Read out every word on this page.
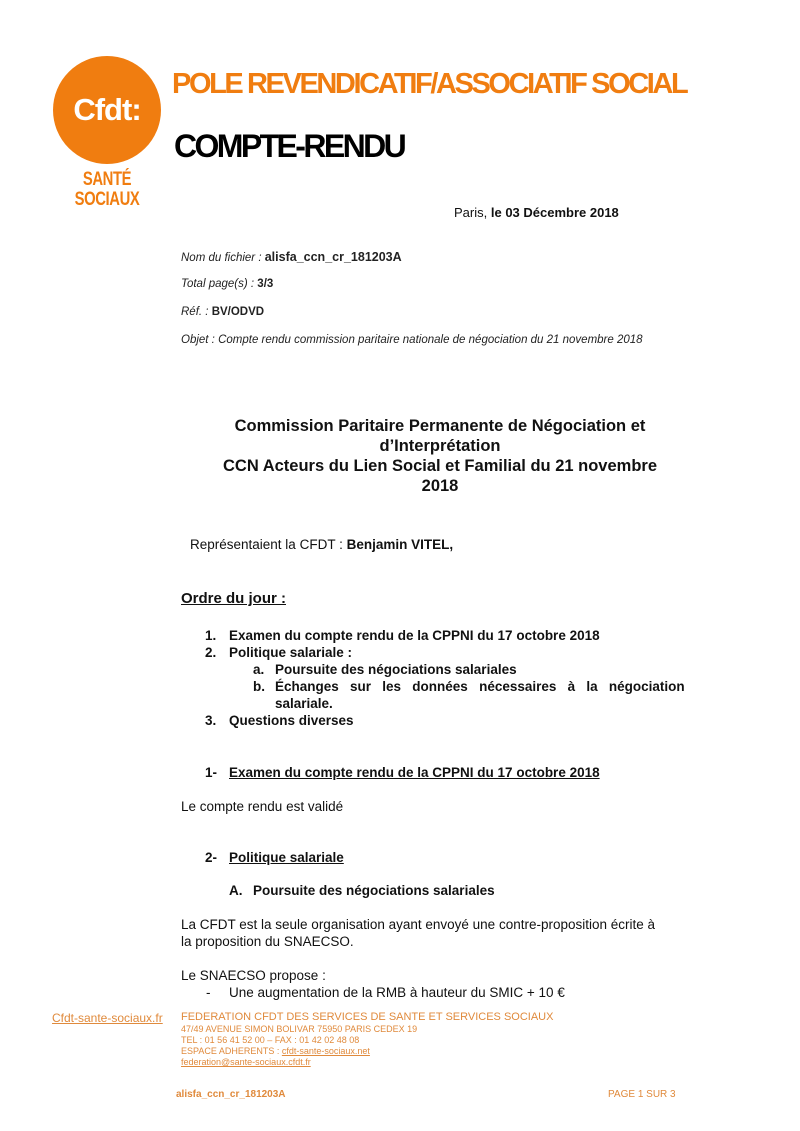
Cfdt:
SANTÉ
SOCIAUX
POLE REVENDICATIF/ASSOCIATIF SOCIAL
COMPTE-RENDU
Paris, le 03 Décembre 2018
Nom du fichier : alisfa_ccn_cr_181203A
Total page(s) : 3/3
Réf. : BV/ODVD
Objet : Compte rendu commission paritaire nationale de négociation du 21 novembre 2018
Commission Paritaire Permanente de Négociation et
d’Interprétation
CCN Acteurs du Lien Social et Familial du 21 novembre
2018
Représentaient la CFDT : Benjamin VITEL,
Ordre du jour :
1. Examen du compte rendu de la CPPNI du 17 octobre 2018
2. Politique salariale :
a. Poursuite des négociations salariales
b. Échanges   sur   les   données   nécessaires   à   la   négociation
salariale.
3. Questions diverses
1- Examen du compte rendu de la CPPNI du 17 octobre 2018
Le compte rendu est validé
2- Politique salariale
A. Poursuite des négociations salariales
La CFDT est la seule organisation ayant envoyé une contre-proposition écrite à
la proposition du SNAECSO.
Le SNAECSO propose :
- Une augmentation de la RMB à hauteur du SMIC + 10 €
Cfdt-sante-sociaux.fr FEDERATION CFDT DES SERVICES DE SANTE ET SERVICES SOCIAUX
47/49 AVENUE SIMON BOLIVAR 75950 PARIS CEDEX 19
TEL : 01 56 41 52 00 – FAX : 01 42 02 48 08
ESPACE ADHERENTS : cfdt-sante-sociaux.net
federation@sante-sociaux.cfdt.fr
alisfa_ccn_cr_181203A	PAGE 1 SUR 3
